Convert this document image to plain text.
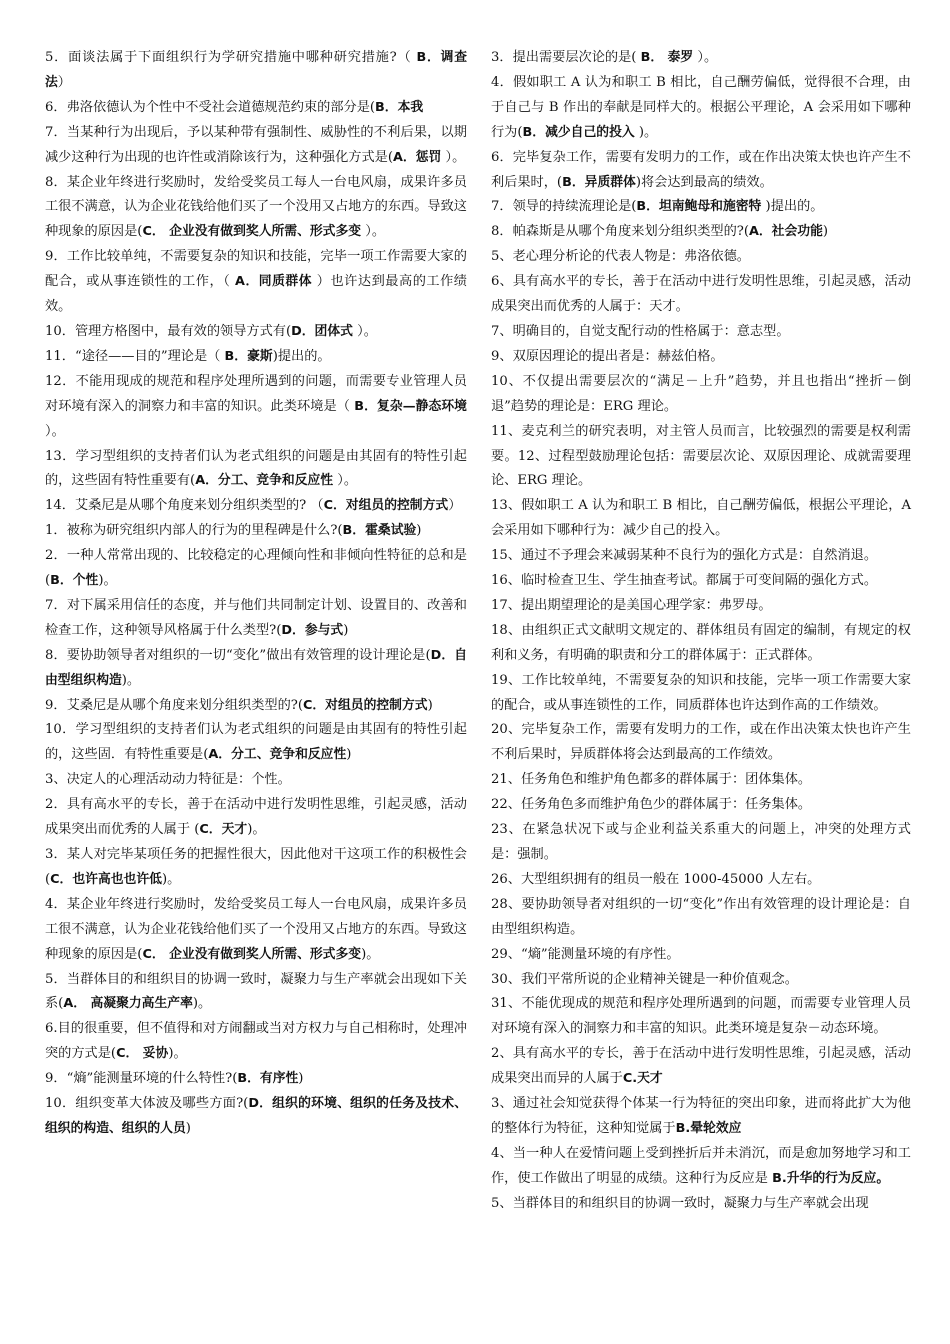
5．面谈法属于下面组织行为学研究措施中哪种研究措施?（ B．调查法）

6．弗洛依德认为个性中不受社会道德规范约束的部分是(B．本我

7．当某种行为出现后，予以某种带有强制性、威胁性的不利后果，以期减少这种行为出现的也许性或消除该行为，这种强化方式是(A．惩罚 ）。

8．某企业年终进行奖励时，发给受奖员工每人一台电风扇，成果许多员工很不满意，认为企业花钱给他们买了一个没用又占地方的东西。导致这种现象的原因是(C． 企业没有做到奖人所需、形式多变 ）。

9．工作比较单纯，不需要复杂的知识和技能，完毕一项工作需要大家的配合，或从事连锁性的工作，（ A．同质群体 ）也许达到最高的工作绩效。

10．管理方格图中，最有效的领导方式有(D．团体式 ）。

11．“途径——目的”理论是（ B．豪斯)提出的。

12．不能用现成的规范和程序处理所遇到的问题，而需要专业管理人员对环境有深入的洞察力和丰富的知识。此类环境是（ B．复杂—静态环境 ）。

13．学习型组织的支持者们认为老式组织的问题是由其固有的特性引起的，这些固有特性重要有(A．分工、竞争和反应性 ）。

14．艾桑尼是从哪个角度来划分组织类型的? （C．对组员的控制方式）

1．被称为研究组织内部人的行为的里程碑是什么?(B．霍桑试验)

2．一种人常常出现的、比较稳定的心理倾向性和非倾向性特征的总和是(B．个性)。

7．对下属采用信任的态度，并与他们共同制定计划、设置目的、改善和检查工作，这种领导风格属于什么类型?(D．参与式)

8．要协助领导者对组织的一切“变化”做出有效管理的设计理论是(D．自由型组织构造)。

9．艾桑尼是从哪个角度来划分组织类型的?(C．对组员的控制方式)

10．学习型组织的支持者们认为老式组织的问题是由其固有的特性引起的，这些固．有特性重要是(A．分工、竞争和反应性)

3、决定人的心理活动动力特征是：个性。

2．具有高水平的专长，善于在活动中进行发明性思维，引起灵感，活动成果突出而优秀的人属于 (C．天才)。

3．某人对完毕某项任务的把握性很大，因此他对干这项工作的积极性会(C．也许高也也许低)。

4．某企业年终进行奖励时，发给受奖员工每人一台电风扇，成果许多员工很不满意，认为企业花钱给他们买了一个没用又占地方的东西。导致这种现象的原因是(C． 企业没有做到奖人所需、形式多变)。

5．当群体目的和组织目的协调一致时，凝聚力与生产率就会出现如下关系(A． 高凝聚力高生产率)。

6.目的很重要，但不值得和对方闹翻或当对方权力与自己相称时，处理冲突的方式是(C． 妥协)。

9．“熵”能测量环境的什么特性?(B．有序性)

10．组织变革大体波及哪些方面?(D．组织的环境、组织的任务及技术、组织的构造、组织的人员)

3．提出需要层次论的是( B． 泰罗 ）。

4．假如职工 A 认为和职工 B 相比，自己酬劳偏低，觉得很不合理，由于自己与 B 作出的奉献是同样大的。根据公平理论，A 会采用如下哪种行为(B．减少自己的投入 )。

6．完毕复杂工作，需要有发明力的工作，或在作出决策太快也许产生不利后果时，(B．异质群体)将会达到最高的绩效。

7．领导的持续流理论是(B．坦南鲍母和施密特 )提出的。

8．帕森斯是从哪个角度来划分组织类型的?(A．社会功能)

5、老心理分析论的代表人物是：弗洛依德。

6、具有高水平的专长，善于在活动中进行发明性思维，引起灵感，活动成果突出而优秀的人属于：天才。

7、明确目的，自觉支配行动的性格属于：意志型。

9、双原因理论的提出者是：赫兹伯格。

10、不仅提出需要层次的“满足－上升”趋势，并且也指出“挫折－倒退”趋势的理论是：ERG 理论。

11、麦克利兰的研究表明，对主管人员而言，比较强烈的需要是权利需要。12、过程型鼓励理论包括：需要层次论、双原因理论、成就需要理论、ERG 理论。

13、假如职工 A 认为和职工 B 相比，自己酬劳偏低，根据公平理论，A 会采用如下哪种行为：减少自己的投入。

15、通过不予理会来减弱某种不良行为的强化方式是：自然消退。

16、临时检查卫生、学生抽查考试。都属于可变间隔的强化方式。

17、提出期望理论的是美国心理学家：弗罗母。

18、由组织正式文献明文规定的、群体组员有固定的编制，有规定的权利和义务，有明确的职责和分工的群体属于：正式群体。

19、工作比较单纯，不需要复杂的知识和技能，完毕一项工作需要大家的配合，或从事连锁性的工作，同质群体也许达到作高的工作绩效。

20、完毕复杂工作，需要有发明力的工作，或在作出决策太快也许产生不利后果时，异质群体将会达到最高的工作绩效。

21、任务角色和维护角色都多的群体属于：团体集体。

22、任务角色多而维护角色少的群体属于：任务集体。

23、在紧急状况下或与企业利益关系重大的问题上，冲突的处理方式是：强制。

26、大型组织拥有的组员一般在 1000-45000 人左右。

28、要协助领导者对组织的一切“变化”作出有效管理的设计理论是：自由型组织构造。

29、“熵”能测量环境的有序性。

30、我们平常所说的企业精神关键是一种价值观念。

31、不能优现成的规范和程序处理所遇到的问题，而需要专业管理人员对环境有深入的洞察力和丰富的知识。此类环境是复杂－动态环境。

2、具有高水平的专长，善于在活动中进行发明性思维，引起灵感，活动成果突出而异的人属于C.天才

3、通过社会知觉获得个体某一行为特征的突出印象，进而将此扩大为他的整体行为特征，这种知觉属于B.晕轮效应

4、当一种人在爱情问题上受到挫折后并未消沉，而是愈加努地学习和工作，使工作做出了明显的成绩。这种行为反应是 B.升华的行为反应。

5、当群体目的和组织目的协调一致时，凝聚力与生产率就会出现
